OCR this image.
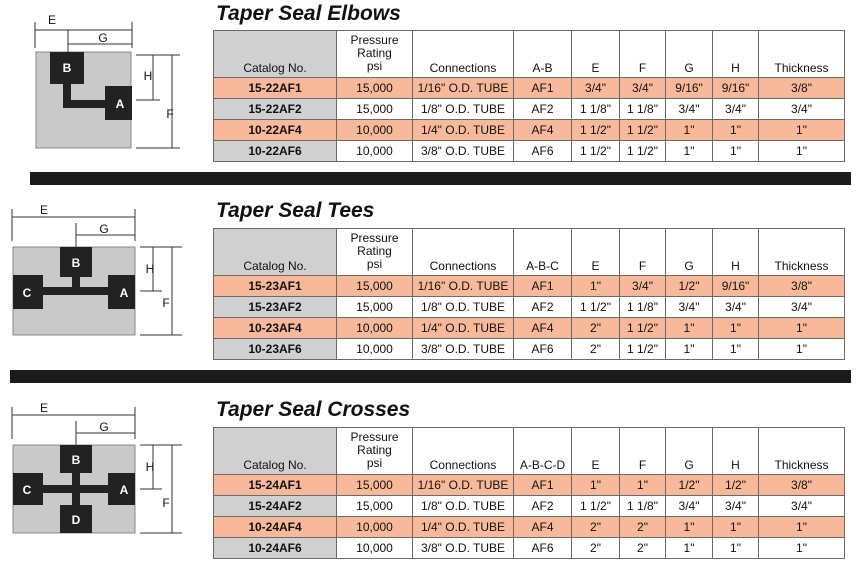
B
A
E
G
H
F
Taper Seal Elbows
Catalog No.	Pressure
Rating
psi	Connections	A-B	E	F	G	H	Thickness
15-22AF1	15,000	1/16" O.D. TUBE	AF1	3/4"	3/4"	9/16"	9/16"	3/8"
15-22AF2	15,000	1/8" O.D. TUBE	AF2	1 1/8"	1 1/8"	3/4"	3/4"	3/4"
10-22AF4	10,000	1/4" O.D. TUBE	AF4	1 1/2"	1 1/2"	1"	1"	1"
10-22AF6	10,000	3/8" O.D. TUBE	AF6	1 1/2"	1 1/2"	1"	1"	1"
B
C	A
E
G
H
F
Taper Seal Tees
Catalog No.	Pressure
Rating
psi	Connections	A-B-C	E	F	G	H	Thickness
15-23AF1	15,000	1/16" O.D. TUBE	AF1	1"	3/4"	1/2"	9/16"	3/8"
15-23AF2	15,000	1/8" O.D. TUBE	AF2	1 1/2"	1 1/8"	3/4"	3/4"	3/4"
10-23AF4	10,000	1/4" O.D. TUBE	AF4	2"	1 1/2"	1"	1"	1"
10-23AF6	10,000	3/8" O.D. TUBE	AF6	2"	1 1/2"	1"	1"	1"
B
C	A
D
E
G
H
F
Taper Seal Crosses
Catalog No.	Pressure
Rating
psi	Connections	A-B-C-D	E	F	G	H	Thickness
15-24AF1	15,000	1/16" O.D. TUBE	AF1	1"	1"	1/2"	1/2"	3/8"
15-24AF2	15,000	1/8" O.D. TUBE	AF2	1 1/2"	1 1/8"	3/4"	3/4"	3/4"
10-24AF4	10,000	1/4" O.D. TUBE	AF4	2"	2"	1"	1"	1"
10-24AF6	10,000	3/8" O.D. TUBE	AF6	2"	2"	1"	1"	1"
